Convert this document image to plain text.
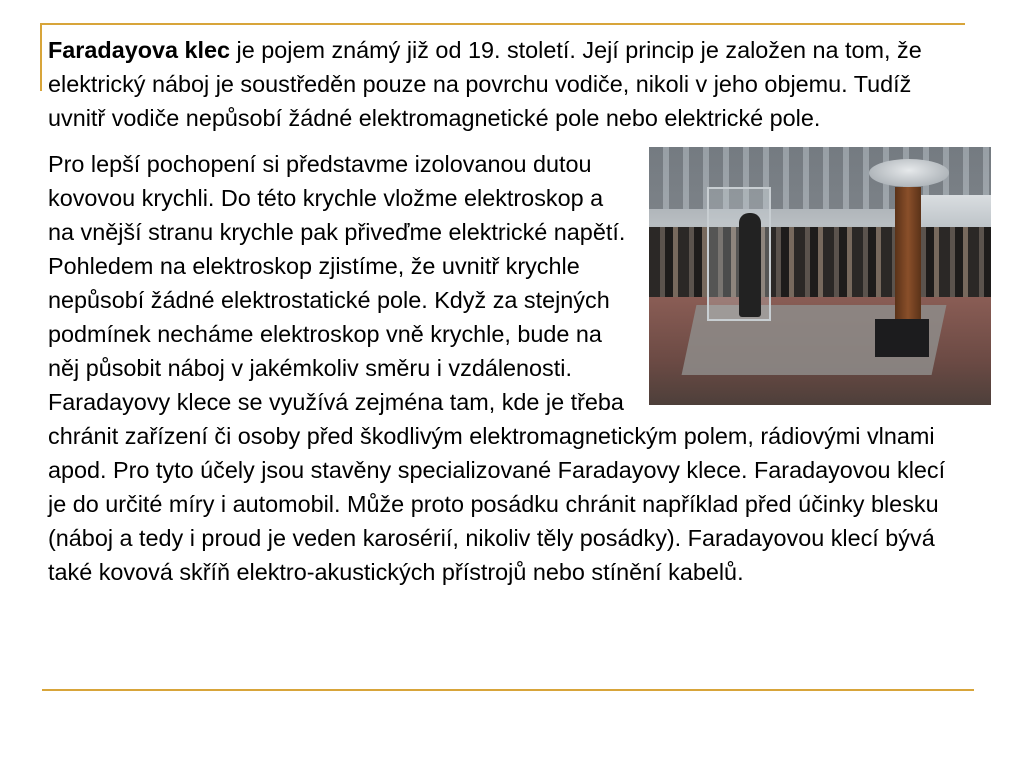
Faradayova klec je pojem známý již od 19. století. Její princip je založen na tom, že elektrický náboj je soustředěn pouze na povrchu vodiče, nikoli v jeho objemu. Tudíž uvnitř vodiče nepůsobí žádné elektromagnetické pole nebo elektrické pole.

Pro lepší pochopení si představme izolovanou dutou kovovou krychli. Do této krychle vložme elektroskop a na vnější stranu krychle pak přiveďme elektrické napětí. Pohledem na elektroskop zjistíme, že uvnitř krychle nepůsobí žádné elektrostatické pole. Když za stejných podmínek necháme elektroskop vně krychle, bude na něj působit náboj v jakémkoliv směru i vzdálenosti. Faradayovy klece se využívá zejména tam, kde je třeba chránit zařízení či osoby před škodlivým elektromagnetickým polem, rádiovými vlnami apod. Pro tyto účely jsou stavěny specializované Faradayovy klece. Faradayovou klecí je do určité míry i automobil. Může proto posádku chránit například před účinky blesku (náboj a tedy i proud je veden karosérií, nikoliv těly posádky). Faradayovou klecí bývá také kovová skříň elektro-akustických přístrojů nebo stínění kabelů.
